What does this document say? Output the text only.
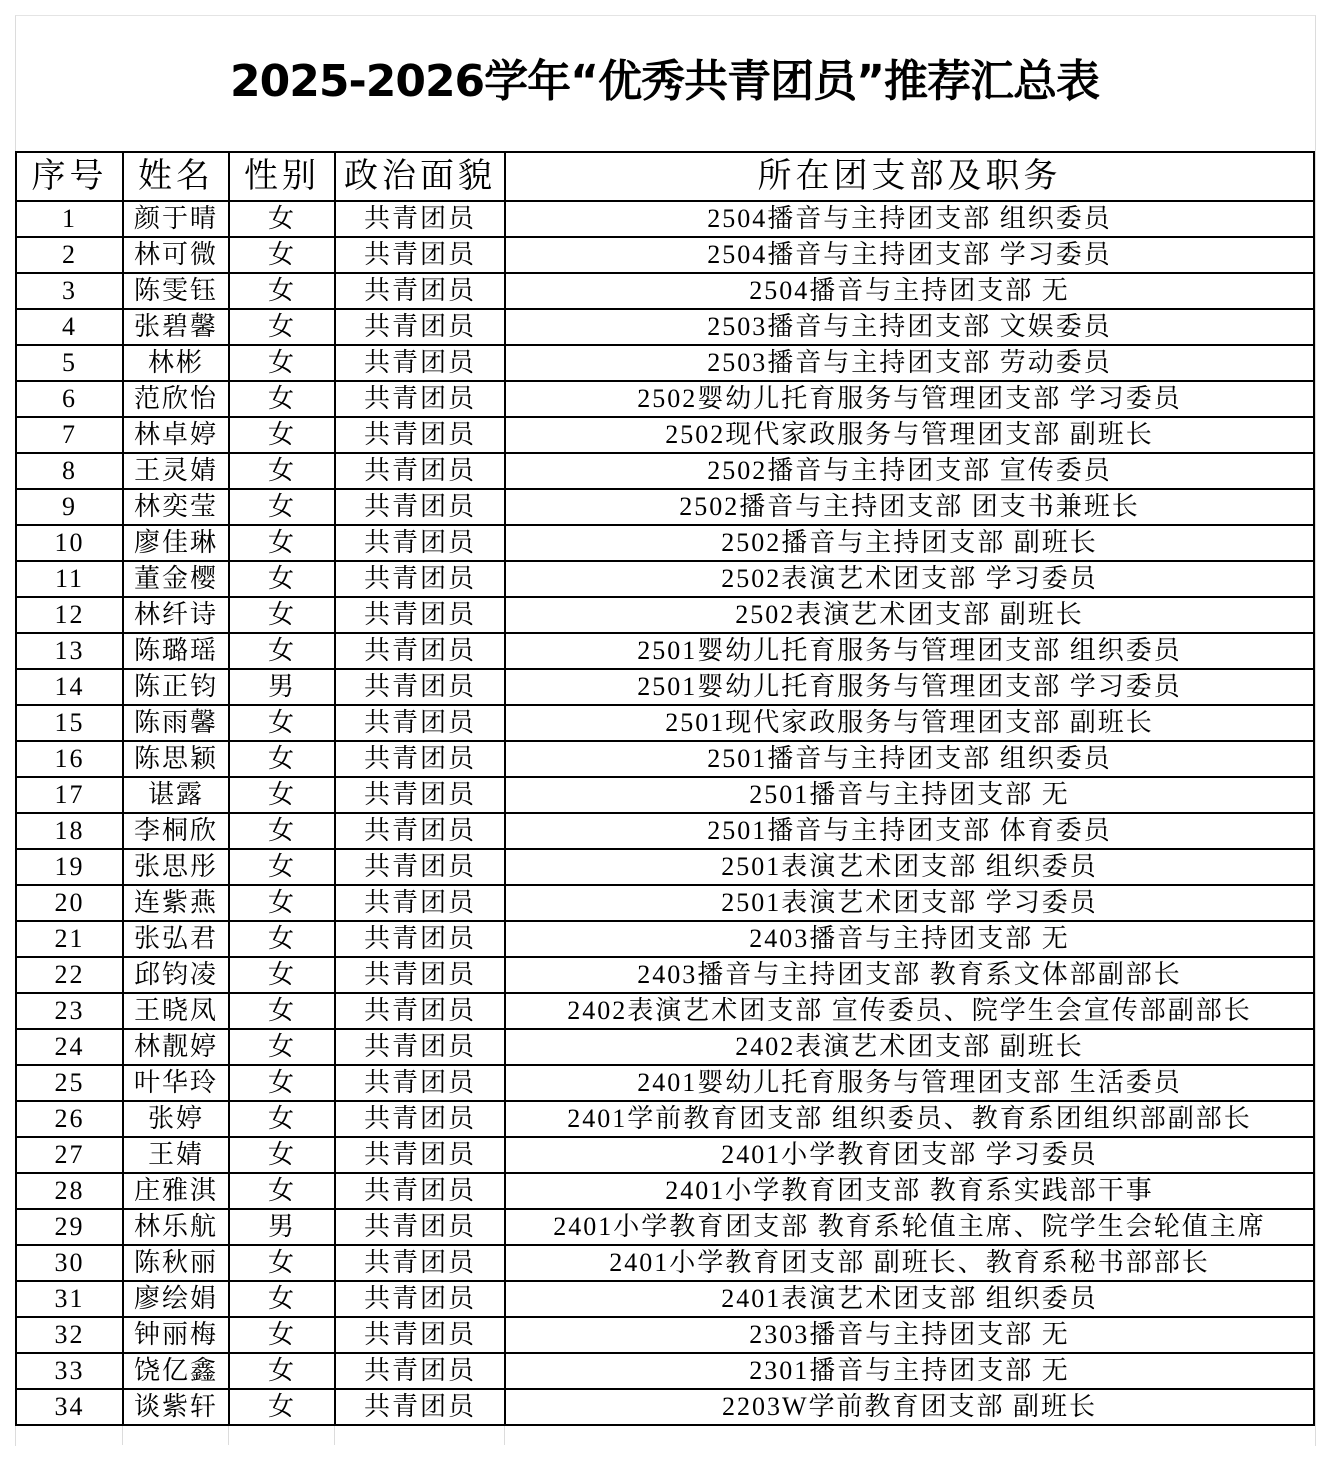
2025-2026学年“优秀共青团员”推荐汇总表
序号	姓名	性别	政治面貌	所在团支部及职务
1	颜于晴	女	共青团员	2504播音与主持团支部 组织委员
2	林可微	女	共青团员	2504播音与主持团支部 学习委员
3	陈雯钰	女	共青团员	2504播音与主持团支部 无
4	张碧馨	女	共青团员	2503播音与主持团支部 文娱委员
5	林彬	女	共青团员	2503播音与主持团支部 劳动委员
6	范欣怡	女	共青团员	2502婴幼儿托育服务与管理团支部 学习委员
7	林卓婷	女	共青团员	2502现代家政服务与管理团支部 副班长
8	王灵婧	女	共青团员	2502播音与主持团支部 宣传委员
9	林奕莹	女	共青团员	2502播音与主持团支部 团支书兼班长
10	廖佳琳	女	共青团员	2502播音与主持团支部 副班长
11	董金樱	女	共青团员	2502表演艺术团支部 学习委员
12	林纤诗	女	共青团员	2502表演艺术团支部 副班长
13	陈璐瑶	女	共青团员	2501婴幼儿托育服务与管理团支部 组织委员
14	陈正钧	男	共青团员	2501婴幼儿托育服务与管理团支部 学习委员
15	陈雨馨	女	共青团员	2501现代家政服务与管理团支部 副班长
16	陈思颖	女	共青团员	2501播音与主持团支部 组织委员
17	谌露	女	共青团员	2501播音与主持团支部 无
18	李桐欣	女	共青团员	2501播音与主持团支部 体育委员
19	张思彤	女	共青团员	2501表演艺术团支部 组织委员
20	连紫燕	女	共青团员	2501表演艺术团支部 学习委员
21	张弘君	女	共青团员	2403播音与主持团支部 无
22	邱钧凌	女	共青团员	2403播音与主持团支部 教育系文体部副部长
23	王晓凤	女	共青团员	2402表演艺术团支部 宣传委员、院学生会宣传部副部长
24	林靓婷	女	共青团员	2402表演艺术团支部 副班长
25	叶华玲	女	共青团员	2401婴幼儿托育服务与管理团支部 生活委员
26	张婷	女	共青团员	2401学前教育团支部 组织委员、教育系团组织部副部长
27	王婧	女	共青团员	2401小学教育团支部 学习委员
28	庄雅淇	女	共青团员	2401小学教育团支部 教育系实践部干事
29	林乐航	男	共青团员	2401小学教育团支部 教育系轮值主席、院学生会轮值主席
30	陈秋丽	女	共青团员	2401小学教育团支部 副班长、教育系秘书部部长
31	廖绘娟	女	共青团员	2401表演艺术团支部 组织委员
32	钟丽梅	女	共青团员	2303播音与主持团支部 无
33	饶亿鑫	女	共青团员	2301播音与主持团支部 无
34	谈紫轩	女	共青团员	2203W学前教育团支部 副班长
